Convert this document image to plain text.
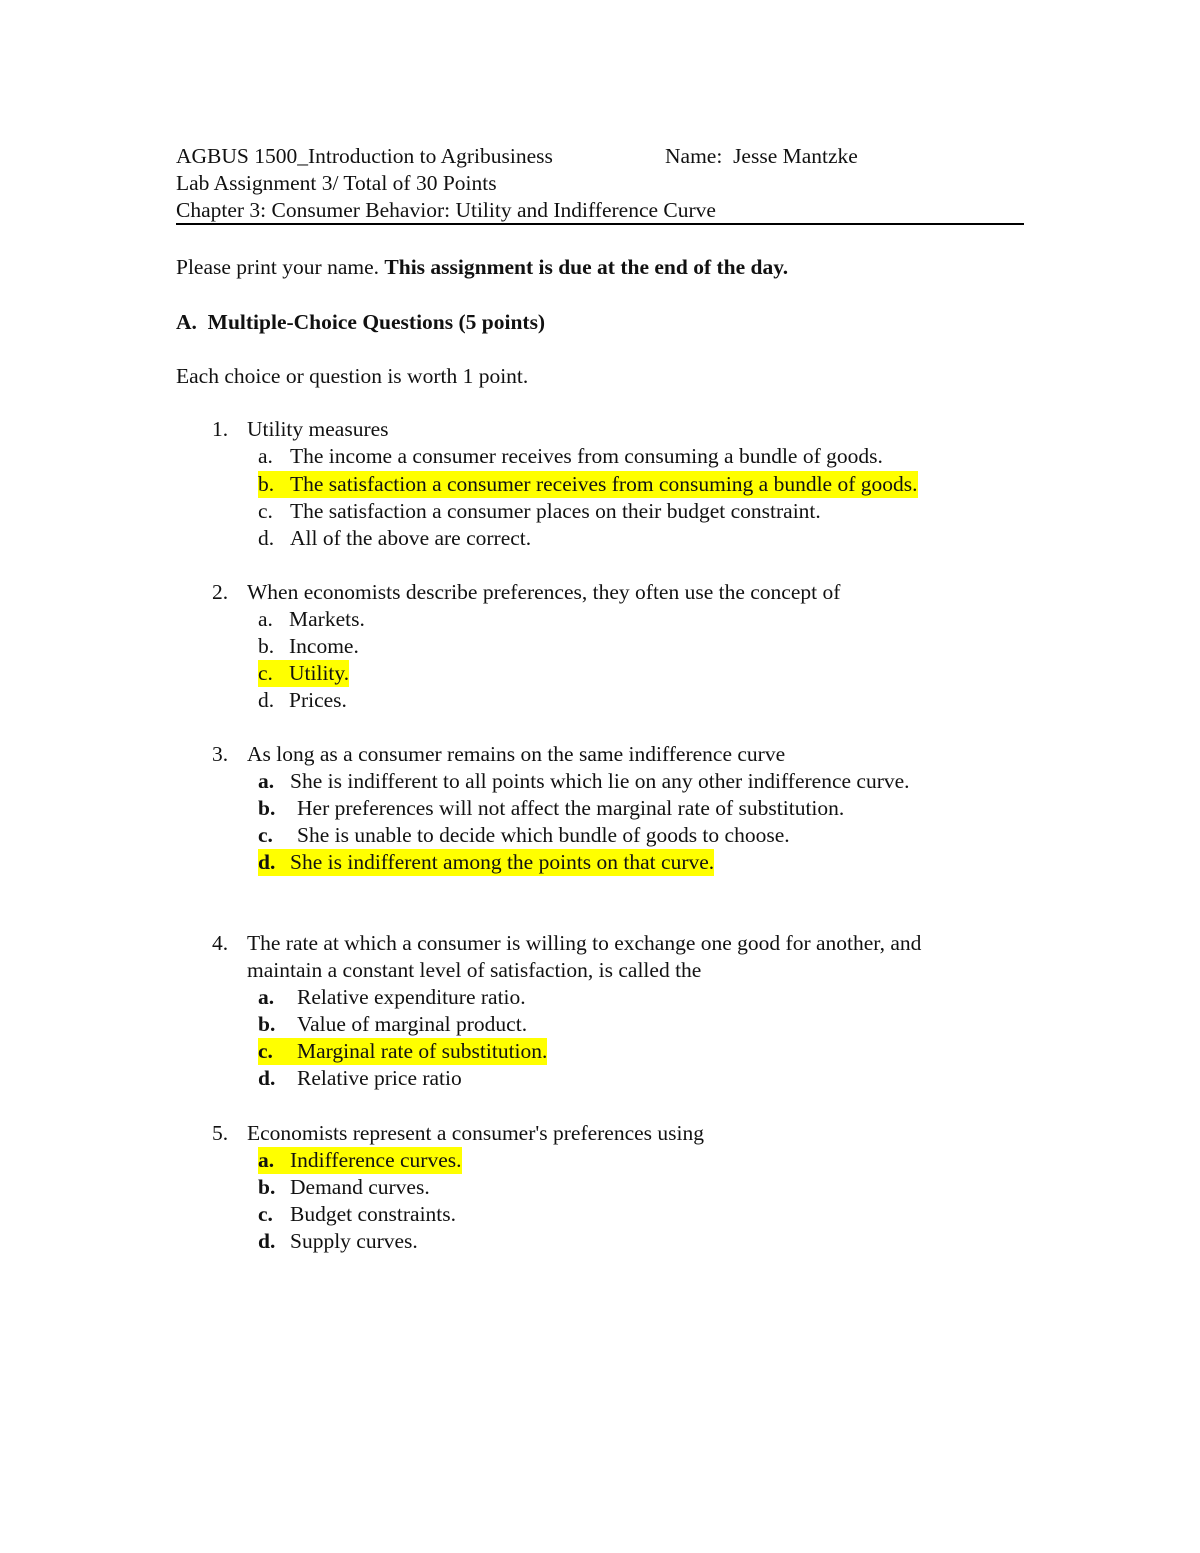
AGBUS 1500_Introduction to Agribusiness	Name: Jesse Mantzke
Lab Assignment 3/ Total of 30 Points
Chapter 3: Consumer Behavior: Utility and Indifference Curve
Please print your name. This assignment is due at the end of the day.
A. Multiple-Choice Questions (5 points)
Each choice or question is worth 1 point.
1. Utility measures
a. The income a consumer receives from consuming a bundle of goods.
b. The satisfaction a consumer receives from consuming a bundle of goods.
c. The satisfaction a consumer places on their budget constraint.
d. All of the above are correct.
2. When economists describe preferences, they often use the concept of
a. Markets.
b. Income.
c. Utility.
d. Prices.
3. As long as a consumer remains on the same indifference curve
a. She is indifferent to all points which lie on any other indifference curve.
b. Her preferences will not affect the marginal rate of substitution.
c. She is unable to decide which bundle of goods to choose.
d. She is indifferent among the points on that curve.
4. The rate at which a consumer is willing to exchange one good for another, and
maintain a constant level of satisfaction, is called the
a. Relative expenditure ratio.
b. Value of marginal product.
c. Marginal rate of substitution.
d. Relative price ratio
5. Economists represent a consumer's preferences using
a. Indifference curves.
b. Demand curves.
c. Budget constraints.
d. Supply curves.
